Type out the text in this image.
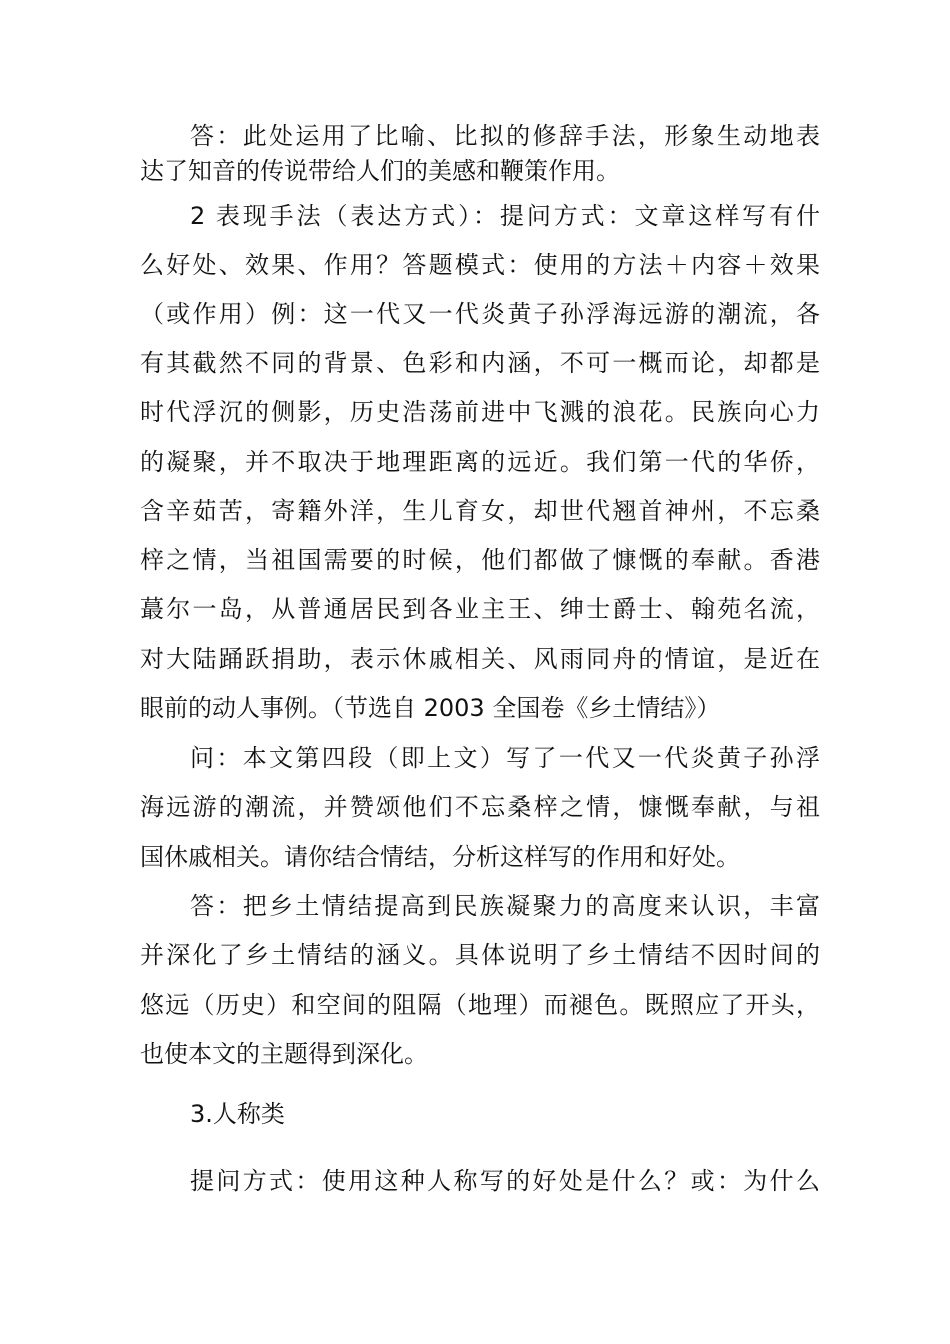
答：此处运用了比喻、比拟的修辞手法，形象生动地表
达了知音的传说带给人们的美感和鞭策作用。
2 表现手法（表达方式）：提问方式：文章这样写有什
么好处、效果、作用？答题模式：使用的方法＋内容＋效果
（或作用）例：这一代又一代炎黄子孙浮海远游的潮流，各
有其截然不同的背景、色彩和内涵，不可一概而论，却都是
时代浮沉的侧影，历史浩荡前进中飞溅的浪花。民族向心力
的凝聚，并不取决于地理距离的远近。我们第一代的华侨，
含辛茹苦，寄籍外洋，生儿育女，却世代翘首神州，不忘桑
梓之情，当祖国需要的时候，他们都做了慷慨的奉献。香港
蕞尔一岛，从普通居民到各业主王、绅士爵士、翰苑名流，
对大陆踊跃捐助，表示休戚相关、风雨同舟的情谊，是近在
眼前的动人事例。（节选自 2003 全国卷《乡土情结》）
问：本文第四段（即上文）写了一代又一代炎黄子孙浮
海远游的潮流，并赞颂他们不忘桑梓之情，慷慨奉献，与祖
国休戚相关。请你结合情结，分析这样写的作用和好处。
答：把乡土情结提高到民族凝聚力的高度来认识，丰富
并深化了乡土情结的涵义。具体说明了乡土情结不因时间的
悠远（历史）和空间的阻隔（地理）而褪色。既照应了开头，
也使本文的主题得到深化。
3.人称类
提问方式：使用这种人称写的好处是什么？或：为什么
